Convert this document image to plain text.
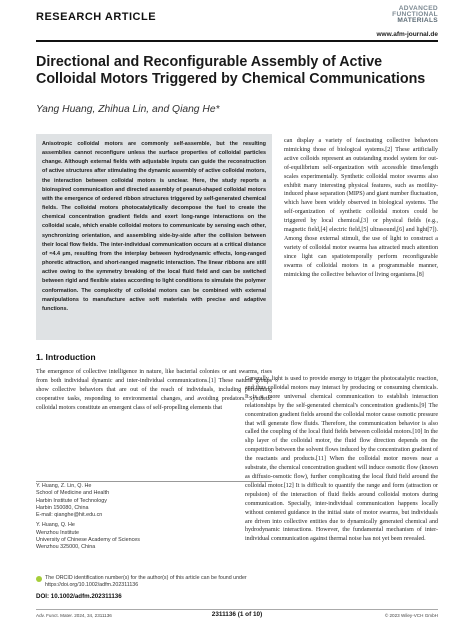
RESEARCH ARTICLE
ADVANCED
FUNCTIONAL
MATERIALS
www.afm-journal.de
Directional and Reconfigurable Assembly of Active Colloidal Motors Triggered by Chemical Communications
Yang Huang, Zhihua Lin, and Qiang He*

Anisotropic colloidal motors are commonly self-assemble, but the resulting assemblies cannot reconfigure unless the surface properties of colloidal particles change. Although external fields with adjustable inputs can guide the reconstruction of active structures after stimulating the dynamic assembly of active colloidal motors, the interaction between colloidal motors is unclear. Here, the study reports a bioinspired communication and directed assembly of peanut-shaped colloidal motors with the emergence of ordered ribbon structures triggered by self-generated chemical fields. The colloidal motors photocatalytically decompose the fuel to create the chemical concentration gradient fields and exert long-range interactions on the colloidal scale, which enable colloidal motors to communicate by sensing each other, synchronizing orientation, and assembling side-by-side after the collision between their local flow fields. The inter-individual communication occurs at a critical distance of ≈4.4 μm, resulting from the interplay between hydrodynamic effects, long-ranged phoretic attraction, and short-ranged magnetic interaction. The linear ribbons are still active owing to the symmetry breaking of the local fluid field and can be switched between rigid and flexible states according to light conditions to simulate the polymer conformation. The complexity of colloidal motors can be combined with external manipulations to manufacture active soft materials with precise and adaptive functions.

can display a variety of fascinating collective behaviors mimicking those of biological systems.[2] These artificially active colloids represent an outstanding model system for out-of-equilibrium self-organization with accessible time/length scales experimentally. Synthetic colloidal motor swarms also exhibit many interesting physical features, such as motility-induced phase separation (MIPS) and giant number fluctuation, which have been widely observed in biological systems. The self-organization of synthetic colloidal motors could be triggered by local chemical,[3] or physical fields (e.g., magnetic field,[4] electric field,[5] ultrasound,[6] and light[7]). Among those external stimuli, the use of light to construct a variety of colloidal motor swarms has attracted much attention since light can spatiotemporally perform reconfigurable swarms of colloidal motors in a programmable manner, mimicking the collective behavior of living organisms.[8]

1. Introduction

The emergence of collective intelligence in nature, like bacterial colonies or ant swarms, rises from both individual dynamic and inter-individual communications.[1] These natural groups show collective behaviors that are out of the reach of individuals, including performing cooperative tasks, responding to environmental changes, and avoiding predators. Synthetic colloidal motors constitute an emergent class of self-propelling elements that

Generally, light is used to provide energy to trigger the photocatalytic reaction, and thus colloidal motors may interact by producing or consuming chemicals. It is a more universal chemical communication to establish interaction relationships by the self-generated chemical's concentration gradients.[9] The concentration gradient fields around the colloidal motor cause osmotic pressure that will generate flow fluids. Therefore, the communication behavior is also called the coupling of the local fluid fields between colloidal motors.[10] In the slip layer of the colloidal motor, the fluid flow direction depends on the competition between the solvent flows induced by the concentration gradient of the reactants and products.[11] When the colloidal motor moves near a substrate, the chemical concentration gradient will induce osmotic flow (known as diffusio-osmotic flow), further complicating the local fluid field around the colloidal motor.[12] It is difficult to quantify the range and form (attraction or repulsion) of the interaction of fluid fields around colloidal motors during communication. Specially, inter-individual communication happens locally without centered guidance in the initial state of motor swarms, but individuals are driven into collective entities due to dynamically generated chemical and hydrodynamic interactions. However, the fundamental mechanism of inter-individual communication against thermal noise has not yet been revealed.

Y. Huang, Z. Lin, Q. He
School of Medicine and Health
Harbin Institute of Technology
Harbin 150080, China
E-mail: qianghe@hit.edu.cn
Y. Huang, Q. He
Wenzhou Institute
University of Chinese Academy of Sciences
Wenzhou 325000, China
The ORCID identification number(s) for the author(s) of this article can be found under https://doi.org/10.1002/adfm.202311136
DOI: 10.1002/adfm.202311136
Adv. Funct. Mater. 2024, 34, 2311136	2311136 (1 of 10)	© 2023 Wiley-VCH GmbH
